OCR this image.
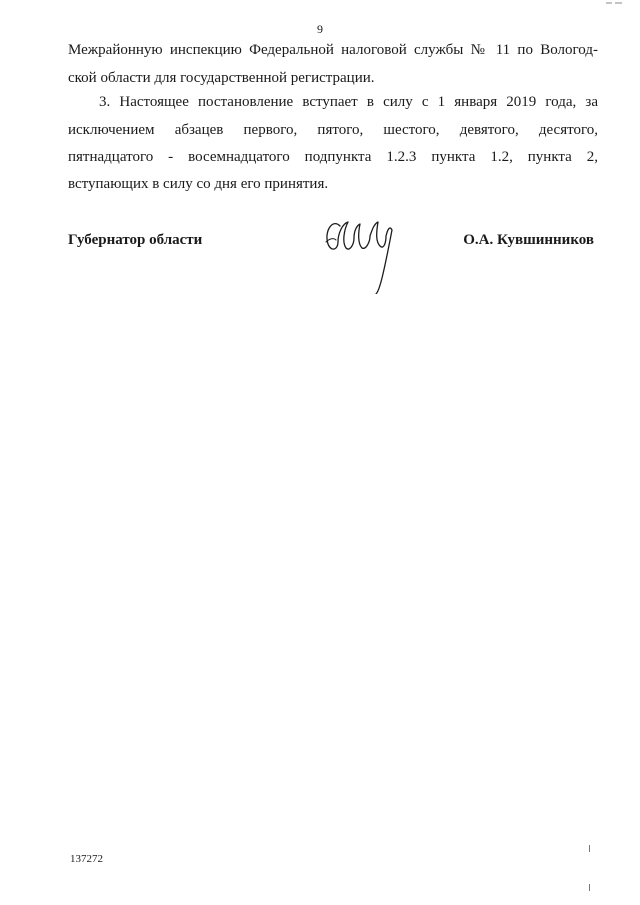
9

Межрайонную инспекцию Федеральной налоговой службы № 11 по Вологод-

ской области для государственной регистрации.

3. Настоящее постановление вступает в силу с 1 января 2019 года, за

исключением абзацев первого, пятого, шестого, девятого, десятого,

пятнадцатого - восемнадцатого подпункта 1.2.3 пункта 1.2, пункта 2,

вступающих в силу со дня его принятия.

Губернатор области	О.А. Кувшинников
137272
